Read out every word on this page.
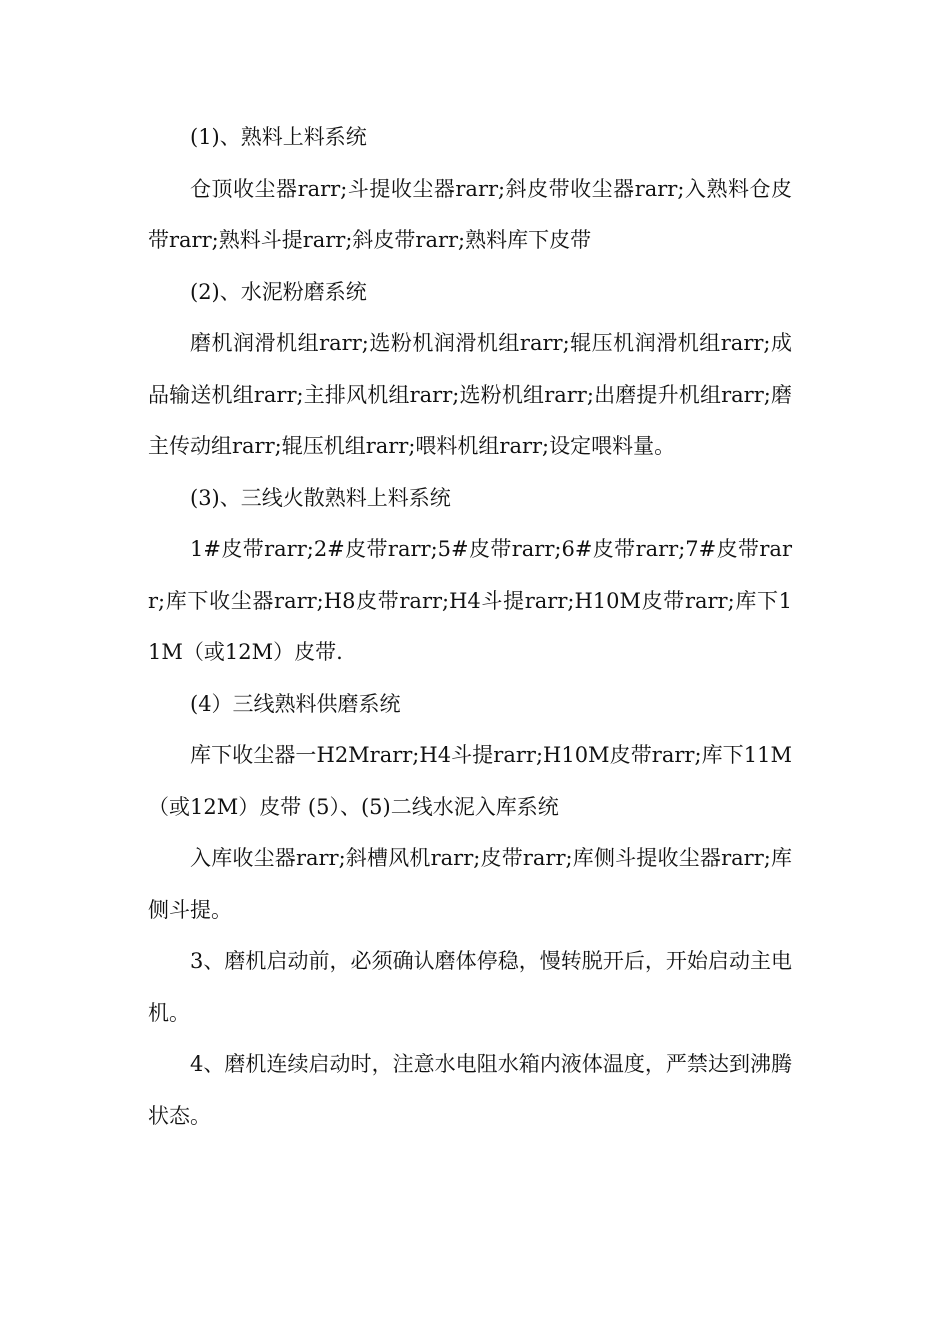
(1)、熟料上料系统

仓顶收尘器rarr;斗提收尘器rarr;斜皮带收尘器rarr;入熟料仓皮带rarr;熟料斗提rarr;斜皮带rarr;熟料库下皮带

(2)、水泥粉磨系统

磨机润滑机组rarr;选粉机润滑机组rarr;辊压机润滑机组rarr;成品输送机组rarr;主排风机组rarr;选粉机组rarr;出磨提升机组rarr;磨主传动组rarr;辊压机组rarr;喂料机组rarr;设定喂料量。

(3)、三线火散熟料上料系统

1#皮带rarr;2#皮带rarr;5#皮带rarr;6#皮带rarr;7#皮带rarr;库下收尘器rarr;H8皮带rarr;H4斗提rarr;H10M皮带rarr;库下11M（或12M）皮带.

(4）三线熟料供磨系统

库下收尘器一H2Mrarr;H4斗提rarr;H10M皮带rarr;库下11M（或12M）皮带 (5）、(5)二线水泥入库系统

入库收尘器rarr;斜槽风机rarr;皮带rarr;库侧斗提收尘器rarr;库侧斗提。

3、磨机启动前，必须确认磨体停稳，慢转脱开后，开始启动主电机。

4、磨机连续启动时，注意水电阻水箱内液体温度，严禁达到沸腾状态。
